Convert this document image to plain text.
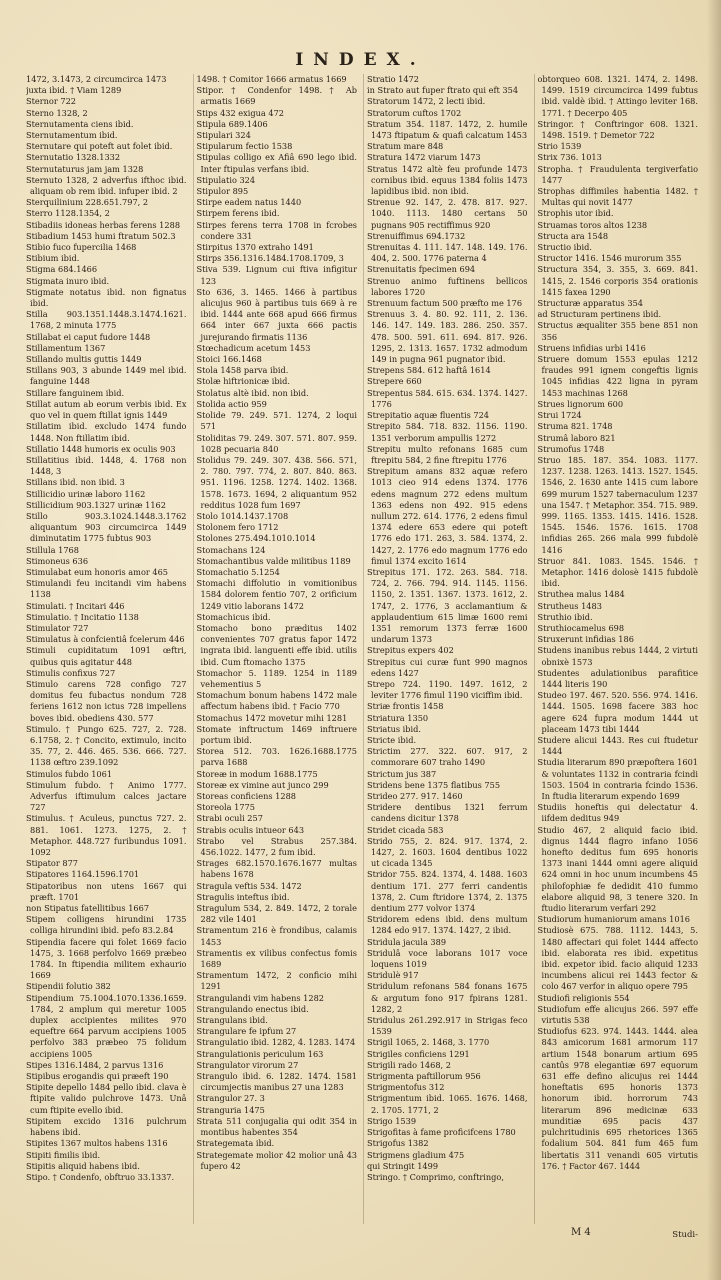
INDEX.

1472, 3.1473, 2 circumcirca 1473

juxta ibid. † Viam 1289

Sternor 722

Sterno 1328, 2

Sternutamenta ciens ibid.

Sternutamentum ibid.

Sternutare qui poteft aut folet ibid.

Sternutatio 1328.1332

Sternutaturus jam jam 1328

Sternuto 1328, 2 adverfus ifthoc ibid. aliquam ob rem ibid. infuper ibid. 2

Sterquilinium 228.651.797, 2

Sterro 1128.1354, 2

Stibadiis idoneas herbas ferens 1288

Stibadium 1453 humi ftratum 502.3

Stibio fuco fupercilia 1468

Stibium ibid.

Stigma 684.1466

Stigmata inuro ibid.

Stigmate notatus ibid. non fignatus ibid.

Stilla 903.1351.1448.3.1474.1621. 1768, 2 minuta 1775

Stillabat ei caput fudore 1448

Stillamentum 1367

Stillando multis guttis 1449

Stillans 903, 3 abunde 1449 mel ibid. fanguine 1448

Stillare fanguinem ibid.

Stillat autum ab eorum verbis ibid. Ex quo vel in quem ftillat ignis 1449

Stillatim ibid. excludo 1474 fundo 1448. Non ftillatim ibid.

Stillatio 1448 humoris ex oculis 903

Stillatitius ibid. 1448, 4. 1768 non 1448, 3

Stillans ibid. non ibid. 3

Stillicidio urinæ laboro 1162

Stillicidium 903.1327 urinæ 1162

Stillo 903.3.1024.1448.3.1762 aliquantum 903 circumcirca 1449 diminutatim 1775 fubtus 903

Stillula 1768

Stimoneus 636

Stimulabat eum honoris amor 465

Stimulandi feu incitandi vim habens 1138

Stimulati. † Incitari 446

Stimulatio. † Incitatio 1138

Stimulator 727

Stimulatus à confcientiâ fcelerum 446

Stimuli cupiditatum 1091 œftri, quibus quis agitatur 448

Stimulis confixus 727

Stimulo carens 728 configo 727 domitus feu fubactus nondum 728 feriens 1612 non ictus 728 impellens boves ibid. obediens 430. 577

Stimulo. † Pungo 625. 727, 2. 728. 6.1758, 2. † Concito, extimulo, incito 35. 77, 2. 446. 465. 536. 666. 727. 1138 œftro 239.1092

Stimulos fubdo 1061

Stimulum fubdo. † Animo 1777. Adverfus iftimulum calces jactare 727

Stimulus. † Aculeus, punctus 727. 2. 881. 1061. 1273. 1275, 2. † Metaphor. 448.727 furibundus 1091. 1092

Stipator 877

Stipatores 1164.1596.1701

Stipatoribus non utens 1667 qui præft. 1701

non Stipatus fatellitibus 1667

Stipem colligens hirundini 1735 colliga hirundini ibid. pefo 83.2.84

Stipendia facere qui folet 1669 facio 1475, 3. 1668 perfolvo 1669 præbeo 1784. In ftipendia militem exhaurio 1669

Stipendii folutio 382

Stipendium 75.1004.1070.1336.1659. 1784, 2 amplum qui meretur 1005 duplex accipientes milites 970 equeftre 664 parvum accipiens 1005 perfolvo 383 præbeo 75 folidum accipiens 1005

Stipes 1316.1484, 2 parvus 1316

Stipibus erogandis qui præeft 190

Stipite depello 1484 pello ibid. clava è ftipite valido pulchrove 1473. Unâ cum ftipite evello ibid.

Stipitem excido 1316 pulchrum habens ibid.

Stipites 1367 multos habens 1316

Stipiti fimilis ibid.

Stipitis aliquid habens ibid.

Stipo. † Condenfo, obftruo 33.1337.

1498. † Comitor 1666 armatus 1669

Stipor. † Condenfor 1498. † Ab armatis 1669

Stips 432 exigua 472

Stipula 689.1406

Stipulari 324

Stipularum fectio 1538

Stipulas colligo ex Afiâ 690 lego ibid. Inter ftipulas verfans ibid.

Stipulatio 324

Stipulor 895

Stirpe eadem natus 1440

Stirpem ferens ibid.

Stirpes ferens terra 1708 in fcrobes condere 331

Stirpitus 1370 extraho 1491

Stirps 356.1316.1484.1708.1709, 3

Stiva 539. Lignum cui ftiva infigitur 123

Sto 636, 3. 1465. 1466 à partibus alicujus 960 à partibus tuis 669 à re ibid. 1444 ante 668 apud 666 firmus 664 inter 667 juxta 666 pactis jurejurando firmatis 1136

Stœchadicum acetum 1453

Stoici 166.1468

Stola 1458 parva ibid.

Stolæ hiftrionicæ ibid.

Stolatus altè ibid. non ibid.

Stolida actio 959

Stolide 79. 249. 571. 1274, 2 loqui 571

Stoliditas 79. 249. 307. 571. 807. 959. 1028 pecuaria 840

Stolidus 79. 249. 307. 438. 566. 571, 2. 780. 797. 774, 2. 807. 840. 863. 951. 1196. 1258. 1274. 1402. 1368. 1578. 1673. 1694, 2 aliquantum 952 redditus 1028 fum 1697

Stolo 1014.1437.1708

Stolonem fero 1712

Stolones 275.494.1010.1014

Stomachans 124

Stomachantibus valde militibus 1189

Stomachatio 5.1254

Stomachi diffolutio in vomitionibus 1584 dolorem fentio 707, 2 orificium 1249 vitio laborans 1472

Stomachicus ibid.

Stomacho bono præditus 1402 convenientes 707 gratus fapor 1472 ingrata ibid. languenti effe ibid. utilis ibid. Cum ftomacho 1375

Stomachor 5. 1189. 1254 in 1189 vehementius 5

Stomachum bonum habens 1472 male affectum habens ibid. † Facio 770

Stomachus 1472 movetur mihi 1281

Stomate inftructum 1469 inftruere portum ibid.

Storea 512. 703. 1626.1688.1775 parva 1688

Storeæ in modum 1688.1775

Storeæ ex vimine aut junco 299

Storeas conficiens 1288

Storeola 1775

Strabi oculi 257

Strabis oculis intueor 643

Strabo vel Strabus 257.384. 456.1022. 1477, 2 fum ibid.

Strages 682.1570.1676.1677 multas habens 1678

Stragula veftis 534. 1472

Stragulis inteftus ibid.

Stragulum 534, 2. 849. 1472, 2 torale 282 vile 1401

Stramentum 216 è frondibus, calamis 1453

Stramentis ex vilibus confectus fomis 1689

Stramentum 1472, 2 conficio mihi 1291

Strangulandi vim habens 1282

Strangulando enectus ibid.

Strangulans ibid.

Strangulare fe ipfum 27

Strangulatio ibid. 1282, 4. 1283. 1474

Strangulationis periculum 163

Strangulator virorum 27

Strangulo ibid. 6. 1282. 1474. 1581 circumjectis manibus 27 una 1283

Strangulor 27. 3

Stranguria 1475

Strata 511 conjugalia qui odit 354 in montibus habentes 354

Strategemata ibid.

Strategemate molior 42 molior unâ 43 fupero 42

Stratio 1472

in Strato aut fuper ftrato qui eft 354

Stratorum 1472, 2 lecti ibid.

Stratorum cuftos 1702

Stratum 354. 1187. 1472, 2. humile 1473 ftipatum & quafi calcatum 1453

Stratum mare 848

Stratura 1472 viarum 1473

Stratus 1472 altè feu profunde 1473 cornibus ibid. equus 1384 foliis 1473 lapidibus ibid. non ibid.

Strenue 92. 147, 2. 478. 817. 927. 1040. 1113. 1480 certans 50 pugnans 905 rectiffimus 920

Strenuiffimus 694.1732

Strenuitas 4. 111. 147. 148. 149. 176. 404, 2. 500. 1776 paterna 4

Strenuitatis fpecimen 694

Strenuo animo fuftinens bellicos labores 1720

Strenuum factum 500 præfto me 176

Strenuus 3. 4. 80. 92. 111, 2. 136. 146. 147. 149. 183. 286. 250. 357. 478. 500. 591. 611. 694. 817. 926. 1295, 2. 1313. 1657. 1732 admodum 149 in pugna 961 pugnator ibid.

Strepens 584. 612 haftâ 1614

Strepere 660

Strepentus 584. 615. 634. 1374. 1427. 1776

Strepitatio aquæ fluentis 724

Strepito 584. 718. 832. 1156. 1190. 1351 verborum ampullis 1272

Strepitu multo refonans 1685 cum ftrepitu 584, 2 fine ftrepitu 1776

Strepitum amans 832 aquæ refero 1013 cieo 914 edens 1374. 1776 edens magnum 272 edens multum 1363 edens non 492. 915 edens nullum 272. 614. 1776, 2 edens fimul 1374 edere 653 edere qui poteft 1776 edo 171. 263, 3. 584. 1374, 2. 1427, 2. 1776 edo magnum 1776 edo fimul 1374 excito 1614

Strepitus 171. 172. 263. 584. 718. 724, 2. 766. 794. 914. 1145. 1156. 1150, 2. 1351. 1367. 1373. 1612, 2. 1747, 2. 1776, 3 acclamantium & applaudentium 615 limæ 1600 remi 1351 remorum 1373 ferræ 1600 undarum 1373

Strepitus expers 402

Strepitus cui curæ funt 990 magnos edens 1427

Strepo 724. 1190. 1497. 1612, 2 leviter 1776 fimul 1190 viciffim ibid.

Striæ frontis 1458

Striatura 1350

Striatus ibid.

Stricte ibid.

Strictim 277. 322. 607. 917, 2 commorare 607 traho 1490

Strictum jus 387

Stridens bene 1375 flatibus 755

Strideo 277. 917. 1460

Stridere dentibus 1321 ferrum candens dicitur 1378

Stridet cicada 583

Strido 755, 2. 824. 917. 1374, 2. 1427, 2. 1603. 1604 dentibus 1022 ut cicada 1345

Stridor 755. 824. 1374, 4. 1488. 1603 dentium 171. 277 ferri candentis 1378, 2. Cum ftridore 1374, 2. 1375 dentium 277 volvor 1374

Stridorem edens ibid. dens multum 1284 edo 917. 1374. 1427, 2 ibid.

Stridula jacula 389

Stridulâ voce laborans 1017 voce loquens 1019

Stridulè 917

Stridulum refonans 584 fonans 1675 & argutum fono 917 fpirans 1281. 1282, 2

Stridulus 261.292.917 in Strigas feco 1539

Strigil 1065, 2. 1468, 3. 1770

Strigiles conficiens 1291

Strigili rado 1468, 2

Strigmenta paftillorum 956

Strigmentofus 312

Strigmentum ibid. 1065. 1676. 1468, 2. 1705. 1771, 2

Strigo 1539

Strigofitas à fame proficifcens 1780

Strigofus 1382

Strigmens gladium 475

qui Stringit 1499

Stringo. † Comprimo, conftringo,

obtorqueo 608. 1321. 1474, 2. 1498. 1499. 1519 circumcirca 1499 fubtus ibid. valdè ibid. † Attingo leviter 168. 1771. † Decerpo 405

Stringor. † Conftringor 608. 1321. 1498. 1519. † Demetor 722

Strio 1539

Strix 736. 1013

Stropha. † Fraudulenta tergiverfatio 1477

Strophas diffimiles habentia 1482. † Multas qui novit 1477

Strophis utor ibid.

Struamas toros altos 1238

Structa ara 1548

Structio ibid.

Structor 1416. 1546 murorum 355

Structura 354, 3. 355, 3. 669. 841. 1415, 2. 1546 corporis 354 orationis 1415 faxea 1290

Structuræ apparatus 354

ad Structuram pertinens ibid.

Structus æqualiter 355 bene 851 non 356

Struens infidias urbi 1416

Struere domum 1553 epulas 1212 fraudes 991 ignem congeftis lignis 1045 infidias 422 ligna in pyram 1453 machinas 1268

Strues lignorum 600

Strui 1724

Struma 821. 1748

Strumâ laboro 821

Strumofus 1748

Struo 185. 187. 354. 1083. 1177. 1237. 1238. 1263. 1413. 1527. 1545. 1546, 2. 1630 ante 1415 cum labore 699 murum 1527 tabernaculum 1237 una 1547. † Metaphor. 354. 715. 989. 999. 1165. 1353. 1415. 1416. 1528. 1545. 1546. 1576. 1615. 1708 infidias 265. 266 mala 999 fubdolè 1416

Struor 841. 1083. 1545. 1546. † Metaphor. 1416 dolosè 1415 fubdolè ibid.

Struthea malus 1484

Strutheus 1483

Struthio ibid.

Struthiocamelus 698

Struxerunt infidias 186

Studens inanibus rebus 1444, 2 virtuti obnixè 1573

Studentes adulationibus parafitice 1444 literis 190

Studeo 197. 467. 520. 556. 974. 1416. 1444. 1505. 1698 facere 383 hoc agere 624 fupra modum 1444 ut placeam 1473 tibi 1444

Studere alicui 1443. Res cui ftudetur 1444

Studia literarum 890 præpoftera 1601 & voluntates 1132 in contraria fcindi 1503. 1504 in contraria fcindo 1536. In ftudia literarum expendo 1699

Studiis honeftis qui delectatur 4. iifdem deditus 949

Studio 467, 2 aliquid facio ibid. dignus 1444 flagro infano 1056 honefto deditus fum 695 honoris 1373 inani 1444 omni agere aliquid 624 omni in hoc unum incumbens 45 philofophiæ fe dedidit 410 fummo elabore aliquid 98, 3 tenere 320. In ftudio literarum verfari 292

Studiorum humaniorum amans 1016

Studiosè 675. 788. 1112. 1443, 5. 1480 affectari qui folet 1444 affecto ibid. elaborata res ibid. expetitus ibid. expetor ibid. facio aliquid 1233 incumbens alicui rei 1443 fector & colo 467 verfor in aliquo opere 795

Studiofi religionis 554

Studiofum effe alicujus 266. 597 effe virtutis 538

Studiofus 623. 974. 1443. 1444. alea 843 amicorum 1681 armorum 117 artium 1548 bonarum artium 695 cantûs 978 elegantiæ 697 equorum 631 effe defino alicujus rei 1444 honeftatis 695 honoris 1373 honorum ibid. horrorum 743 literarum 896 medicinæ 633 munditiæ 695 pacis 437 pulchritudinis 695 rhetorices 1365 fodalium 504. 841 fum 465 fum libertatis 311 venandi 605 virtutis 176. † Factor 467. 1444

M 4	Studi-
